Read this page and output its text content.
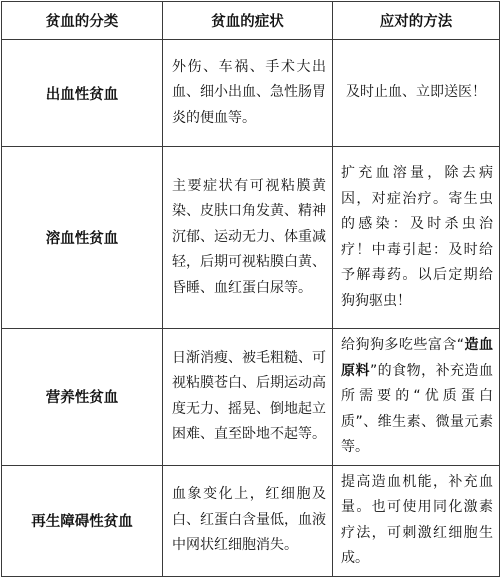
贫血的分类	贫血的症状	应对的方法
出血性贫血	外伤、车祸、手术大出血、细小出血、急性肠胃炎的便血等。	及时止血、立即送医！
溶血性贫血	主要症状有可视粘膜黄染、皮肤口角发黄、精神沉郁、运动无力、体重减轻，后期可视粘膜白黄、昏睡、血红蛋白尿等。	扩充血溶量，除去病因，对症治疗。寄生虫的感染：及时杀虫治疗！中毒引起：及时给予解毒药。以后定期给狗狗驱虫！
营养性贫血	日渐消瘦、被毛粗糙、可视粘膜苍白、后期运动高度无力、摇晃、倒地起立困难、直至卧地不起等。	给狗狗多吃些富含“造血原料”的食物，补充造血所需要的“优质蛋白质”、维生素、微量元素等。
再生障碍性贫血	血象变化上，红细胞及白、红蛋白含量低，血液中网状红细胞消失。	提高造血机能，补充血量。也可使用同化激素疗法，可刺激红细胞生成。
